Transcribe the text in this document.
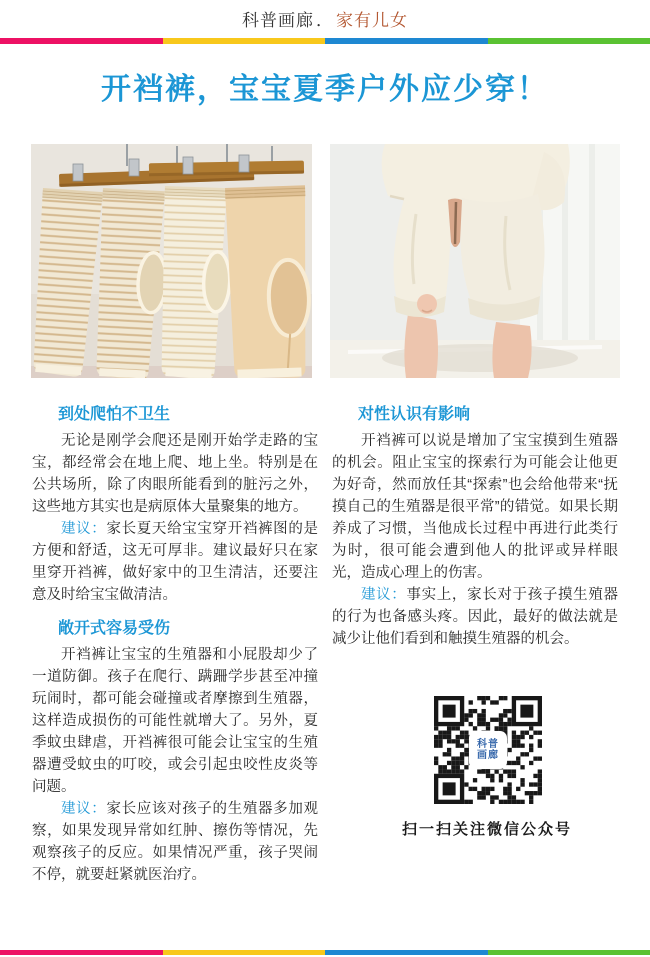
科普画廊 ． 家有儿女
开裆裤，宝宝夏季户外应少穿！
到处爬怕不卫生

无论是刚学会爬还是刚开始学走路的宝宝，都经常会在地上爬、地上坐。特别是在公共场所，除了肉眼所能看到的脏污之外，这些地方其实也是病原体大量聚集的地方。

建议：家长夏天给宝宝穿开裆裤图的是方便和舒适，这无可厚非。建议最好只在家里穿开裆裤，做好家中的卫生清洁，还要注意及时给宝宝做清洁。

敞开式容易受伤

开裆裤让宝宝的生殖器和小屁股却少了一道防御。孩子在爬行、蹒跚学步甚至冲撞玩闹时，都可能会碰撞或者摩擦到生殖器，这样造成损伤的可能性就增大了。另外，夏季蚊虫肆虐，开裆裤很可能会让宝宝的生殖器遭受蚊虫的叮咬，或会引起虫咬性皮炎等问题。

建议：家长应该对孩子的生殖器多加观察，如果发现异常如红肿、擦伤等情况，先观察孩子的反应。如果情况严重，孩子哭闹不停，就要赶紧就医治疗。

对性认识有影响

开裆裤可以说是增加了宝宝摸到生殖器的机会。阻止宝宝的探索行为可能会让他更为好奇，然而放任其“探索”也会给他带来“抚摸自己的生殖器是很平常”的错觉。如果长期养成了习惯，当他成长过程中再进行此类行为时，很可能会遭到他人的批评或异样眼光，造成心理上的伤害。

建议：事实上，家长对于孩子摸生殖器的行为也备感头疼。因此，最好的做法就是减少让他们看到和触摸生殖器的机会。

科普
画廊
扫一扫关注微信公众号
